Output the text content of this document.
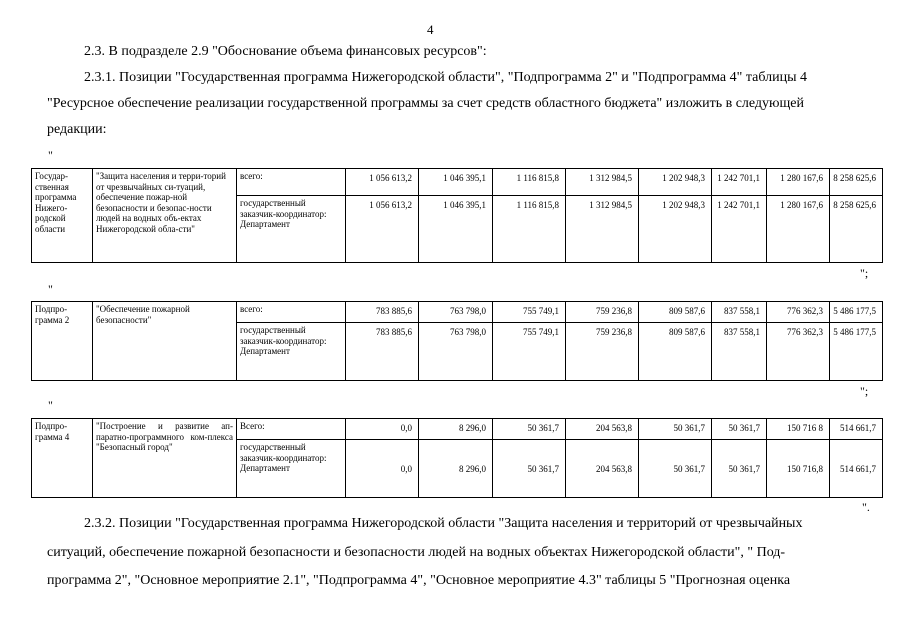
4
2.3. В подразделе 2.9 "Обоснование объема финансовых ресурсов":
2.3.1. Позиции "Государственная программа Нижегородской области", "Подпрограмма 2" и "Подпрограмма 4" таблицы 4
"Ресурсное обеспечение реализации государственной программы за счет средств областного бюджета" изложить в следующей
редакции:
"
Государ-ственная программа Нижего-родской области	"Защита населения и терри-торий от чрезвычайных си-туаций, обеспечение пожар-ной безопасности и безопас-ности людей на водных объ-ектах Нижегородской обла-сти"	всего:	1 056 613,2	1 046 395,1	1 116 815,8	1 312 984,5	1 202 948,3	1 242 701,1	1 280 167,6	8 258 625,6
		государственный заказчик-координатор: Департамент	1 056 613,2	1 046 395,1	1 116 815,8	1 312 984,5	1 202 948,3	1 242 701,1	1 280 167,6	8 258 625,6
";
"
Подпро-грамма 2	"Обеспечение пожарной безопасности"	всего:	783 885,6	763 798,0	755 749,1	759 236,8	809 587,6	837 558,1	776 362,3	5 486 177,5
		государственный заказчик-координатор: Департамент	783 885,6	763 798,0	755 749,1	759 236,8	809 587,6	837 558,1	776 362,3	5 486 177,5
";
"
Подпро-грамма 4	"Построение и развитие ап-паратно-программного ком-плекса "Безопасный город"	Всего:	0,0	8 296,0	50 361,7	204 563,8	50 361,7	50 361,7	150 716 8	514 661,7
		государственный заказчик-координатор: Департамент	0,0	8 296,0	50 361,7	204 563,8	50 361,7	50 361,7	150 716,8	514 661,7
".
2.3.2. Позиции "Государственная программа Нижегородской области "Защита населения и территорий от чрезвычайных
ситуаций, обеспечение пожарной безопасности и безопасности людей на водных объектах Нижегородской области", " Под-
программа 2", "Основное мероприятие 2.1", "Подпрограмма 4", "Основное мероприятие 4.3" таблицы 5 "Прогнозная оценка
